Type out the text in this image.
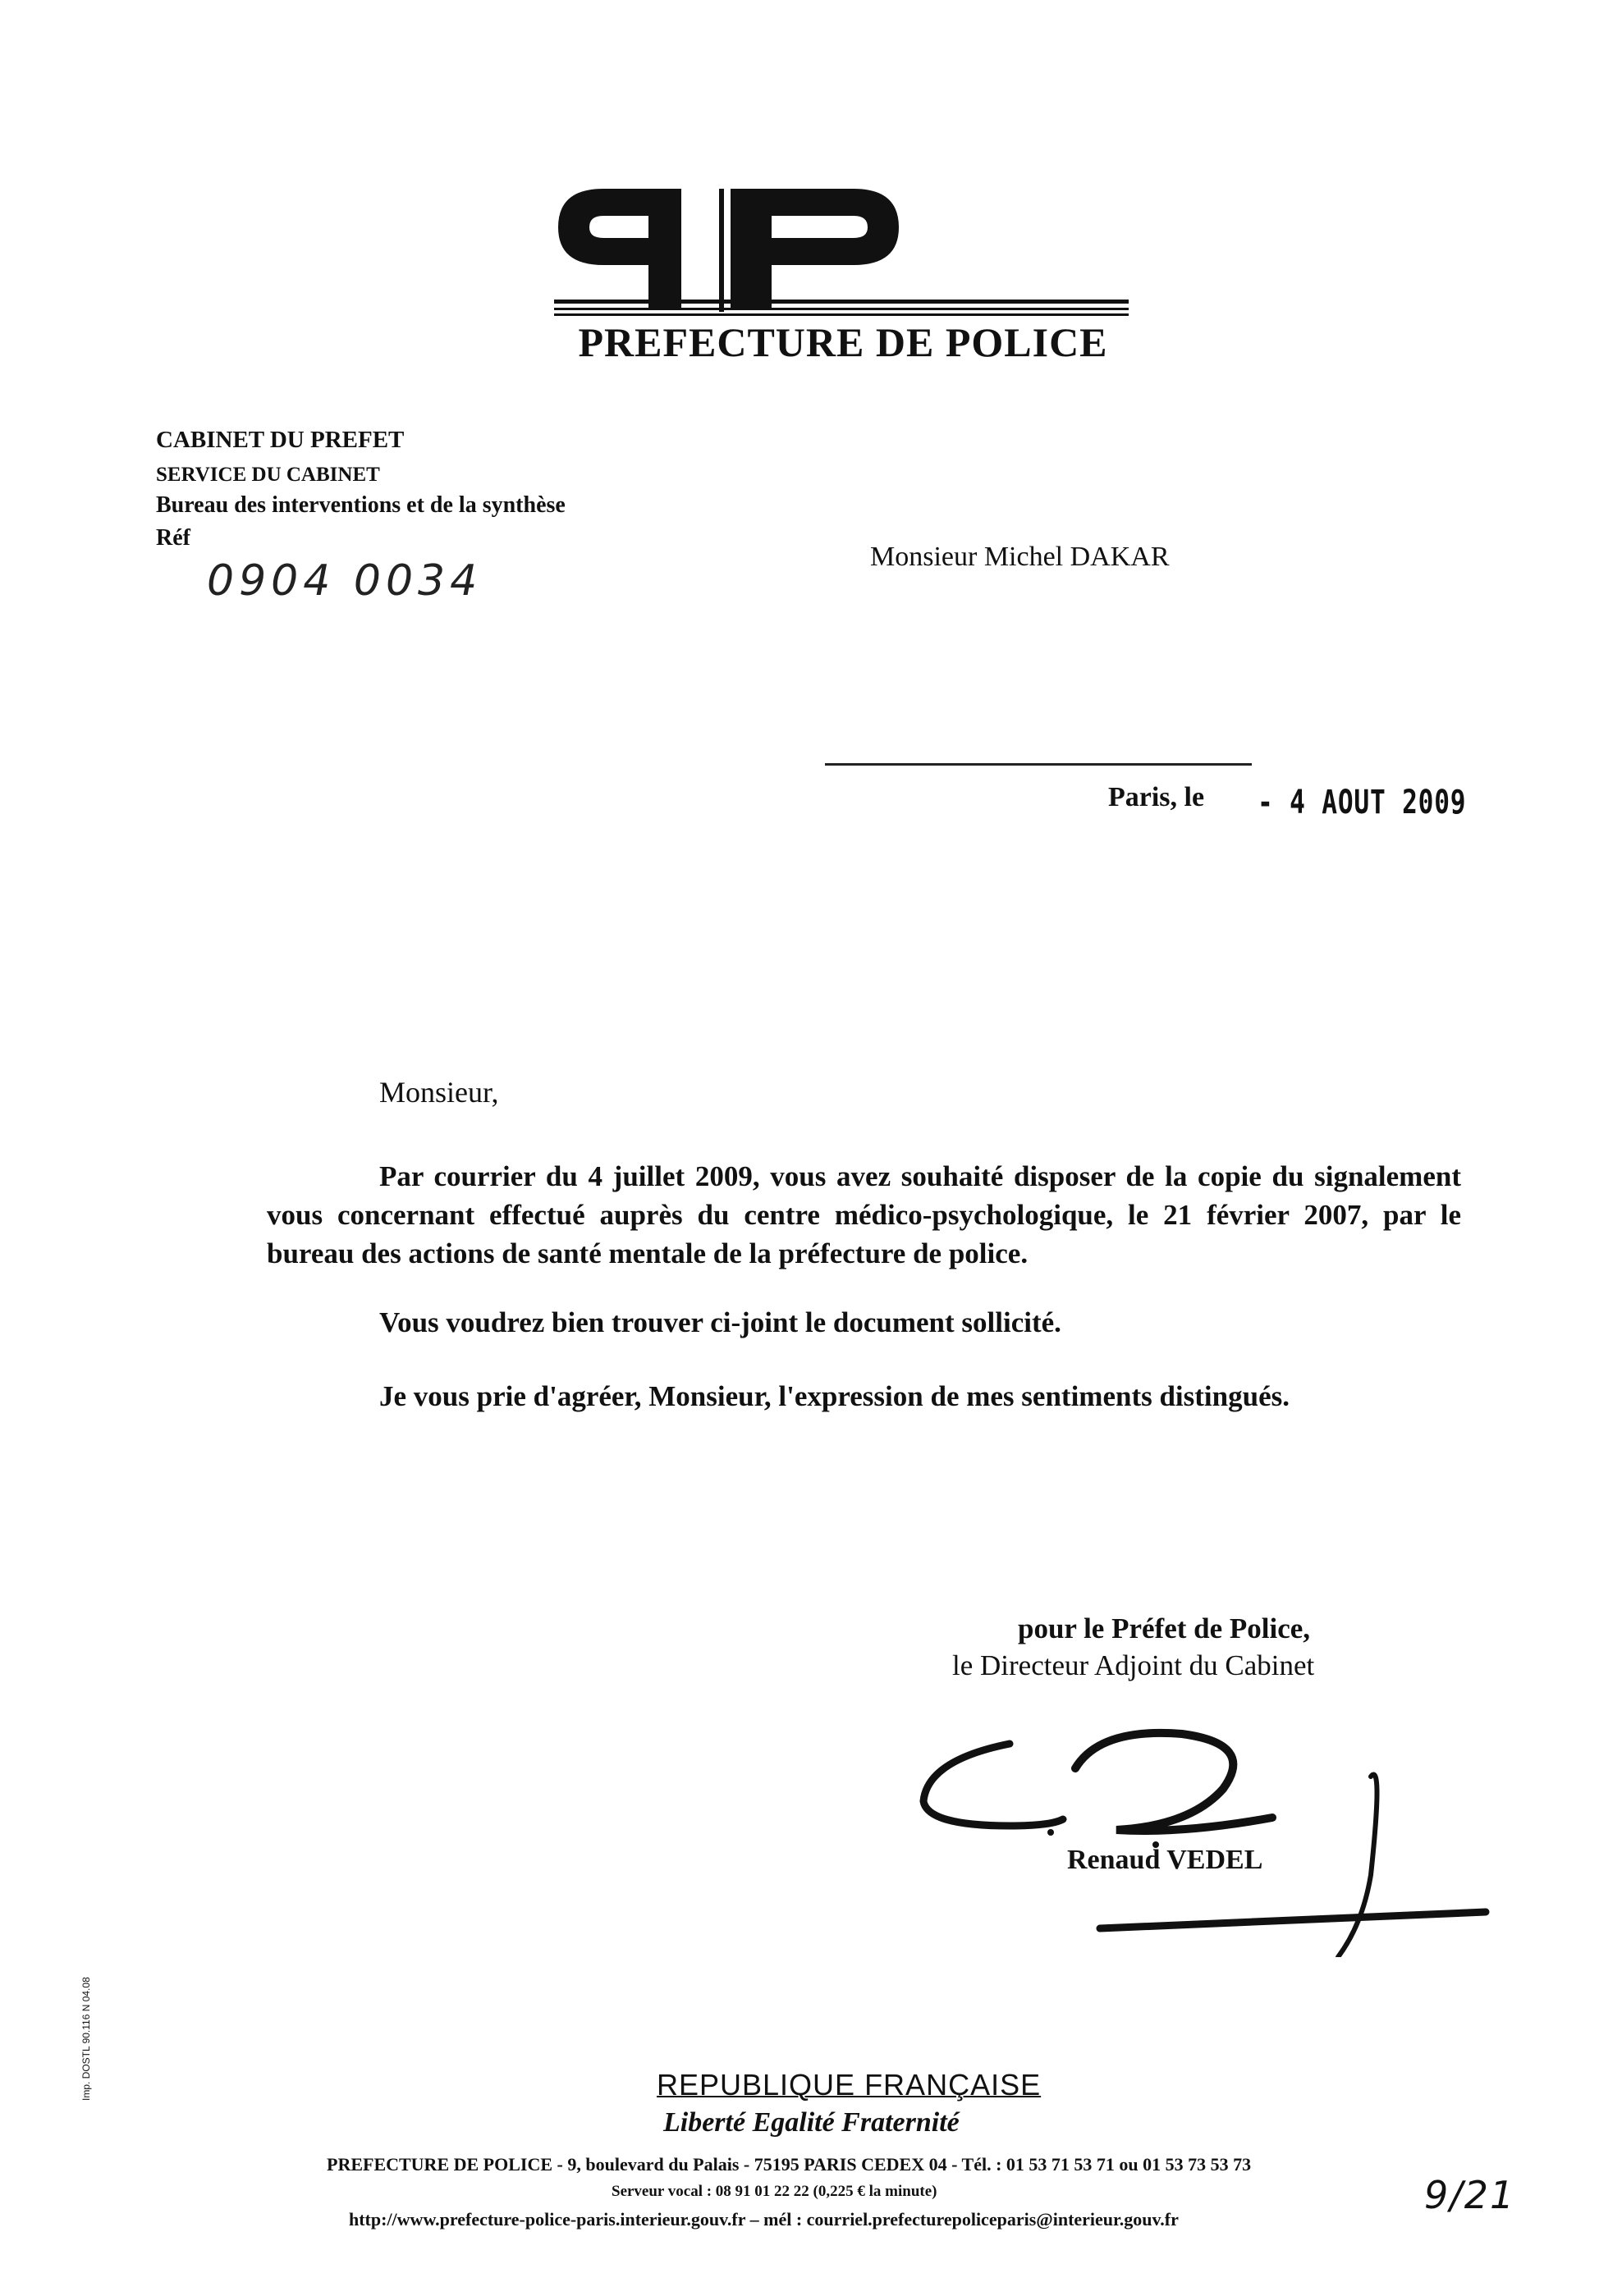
PREFECTURE DE POLICE
CABINET DU PREFET
SERVICE DU CABINET
Bureau des interventions et de la synthèse
Réf
0904 0034	Monsieur Michel DAKAR
Paris, le - 4 AOUT 2009
Monsieur,
Par courrier du 4 juillet 2009, vous avez souhaité disposer de la copie du signalement vous concernant effectué auprès du centre médico-psychologique, le 21 février 2007, par le bureau des actions de santé mentale de la préfecture de police.
Vous voudrez bien trouver ci-joint le document sollicité.
Je vous prie d'agréer, Monsieur, l'expression de mes sentiments distingués.
pour le Préfet de Police,
le Directeur Adjoint du Cabinet
Renaud VEDEL
Imp. DOSTL 90.116 N 04.08	REPUBLIQUE FRANÇAISE
Liberté Egalité Fraternité
PREFECTURE DE POLICE - 9, boulevard du Palais - 75195 PARIS CEDEX 04 - Tél. : 01 53 71 53 71 ou 01 53 73 53 73
Serveur vocal : 08 91 01 22 22 (0,225 € la minute)
http://www.prefecture-police-paris.interieur.gouv.fr – mél : courriel.prefecturepoliceparis@interieur.gouv.fr
9/21
